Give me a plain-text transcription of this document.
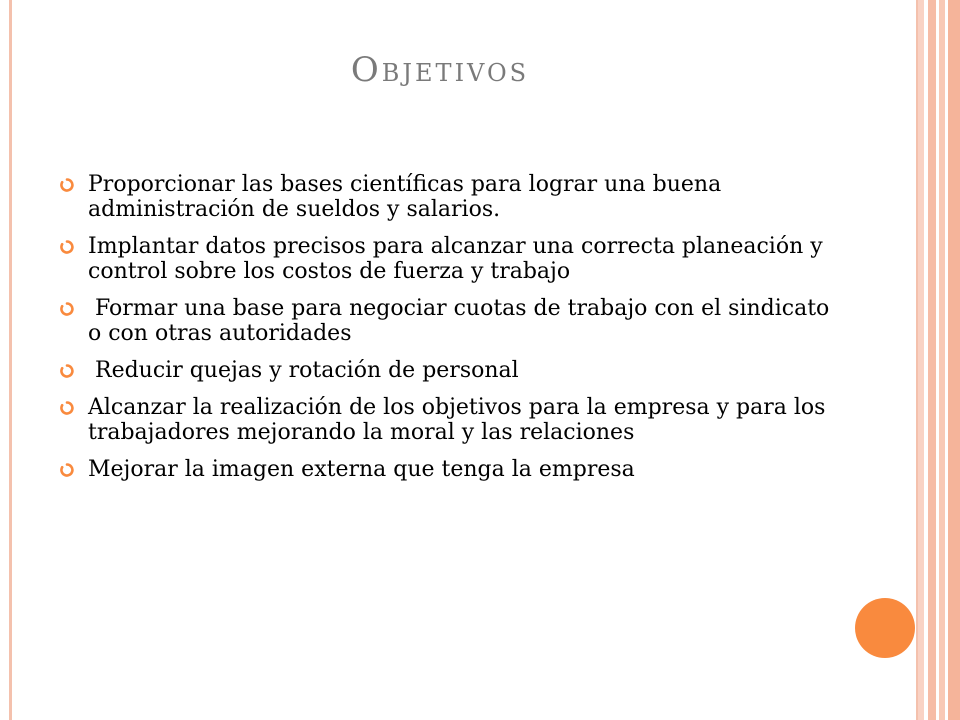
Objetivos
Proporcionar las bases científicas para lograr una buena administración de sueldos y salarios.
Implantar datos precisos para alcanzar una correcta planeación y control sobre los costos de fuerza y trabajo
Formar una base para negociar cuotas de trabajo con el sindicato o con otras autoridades
Reducir quejas y rotación de personal
Alcanzar la realización de los objetivos para la empresa y para los trabajadores mejorando la moral y las relaciones
Mejorar la imagen externa que tenga la empresa
